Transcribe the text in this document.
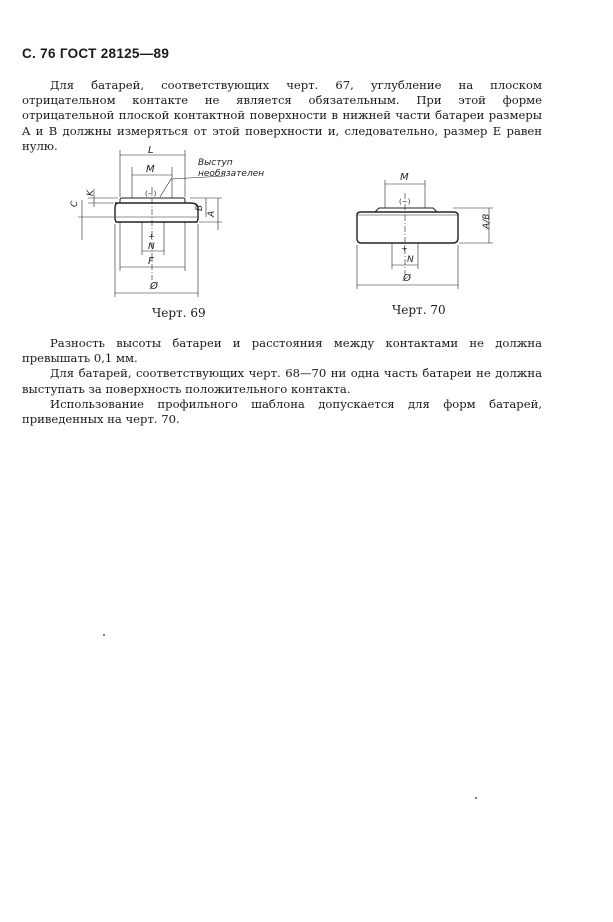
С. 76 ГОСТ 28125—89

Для батарей, соответствующих черт. 67, углубление на плоском отрицательном контакте не является обязательным. При этой форме отрицательной плоской контактной поверхности в нижней части батареи размеры A и B должны измеряться от этой поверхности и, следовательно, размер E равен нулю.	L
M
(−)
Выступ
необязателен
K
C
B
A
+
N
F
Ø
Черт. 69
M
(−)
A/B
+
N
Ø
Черт. 70

Разность высоты батареи и расстояния между контактами не должна превышать 0,1 мм.

Для батарей, соответствующих черт. 68—70 ни одна часть батареи не должна выступать за поверхность положительного контакта.

Использование профильного шаблона допускается для форм батарей, приведенных на черт. 70.
